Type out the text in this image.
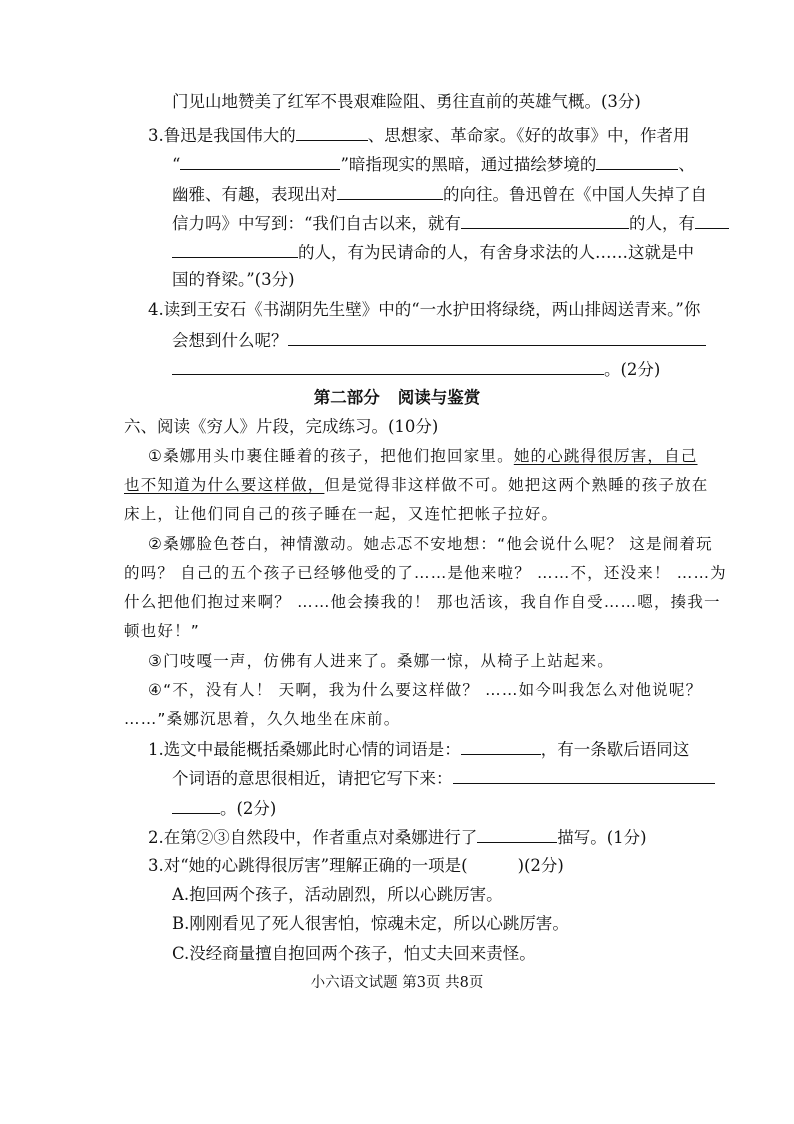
门见山地赞美了红军不畏艰难险阻、勇往直前的英雄气概。(3分)
3.鲁迅是我国伟大的	、思想家、革命家。《好的故事》中，作者用
“	”暗指现实的黑暗，通过描绘梦境的	、
幽雅、有趣，表现出对	的向往。鲁迅曾在《中国人失掉了自
信力吗》中写到：“我们自古以来，就有	的人，有
的人，有为民请命的人，有舍身求法的人……这就是中
国的脊梁。”(3分)
4.读到王安石《书湖阴先生壁》中的“一水护田将绿绕，两山排闼送青来。”你
会想到什么呢？
。(2分)
第二部分 阅读与鉴赏
六、阅读《穷人》片段，完成练习。(10分)
①桑娜用头巾裹住睡着的孩子，把他们抱回家里。她的心跳得很厉害，自己
也不知道为什么要这样做，但是觉得非这样做不可。她把这两个熟睡的孩子放在
床上，让他们同自己的孩子睡在一起，又连忙把帐子拉好。
②桑娜脸色苍白，神情激动。她忐忑不安地想：“他会说什么呢？ 这是闹着玩
的吗？ 自己的五个孩子已经够他受的了……是他来啦？ ……不，还没来！ ……为
什么把他们抱过来啊？ ……他会揍我的！ 那也活该，我自作自受……嗯，揍我一
顿也好！”
③门吱嘎一声，仿佛有人进来了。桑娜一惊，从椅子上站起来。
④“不，没有人！ 天啊，我为什么要这样做？ ……如今叫我怎么对他说呢？
……”桑娜沉思着，久久地坐在床前。
1.选文中最能概括桑娜此时心情的词语是：	，有一条歇后语同这
个词语的意思很相近，请把它写下来：
。(2分)
2.在第②③自然段中，作者重点对桑娜进行了	描写。(1分)
3.对“她的心跳得很厉害”理解正确的一项是(	)(2分)
A.抱回两个孩子，活动剧烈，所以心跳厉害。
B.刚刚看见了死人很害怕，惊魂未定，所以心跳厉害。
C.没经商量擅自抱回两个孩子，怕丈夫回来责怪。
小六语文试题 第3页 共8页
